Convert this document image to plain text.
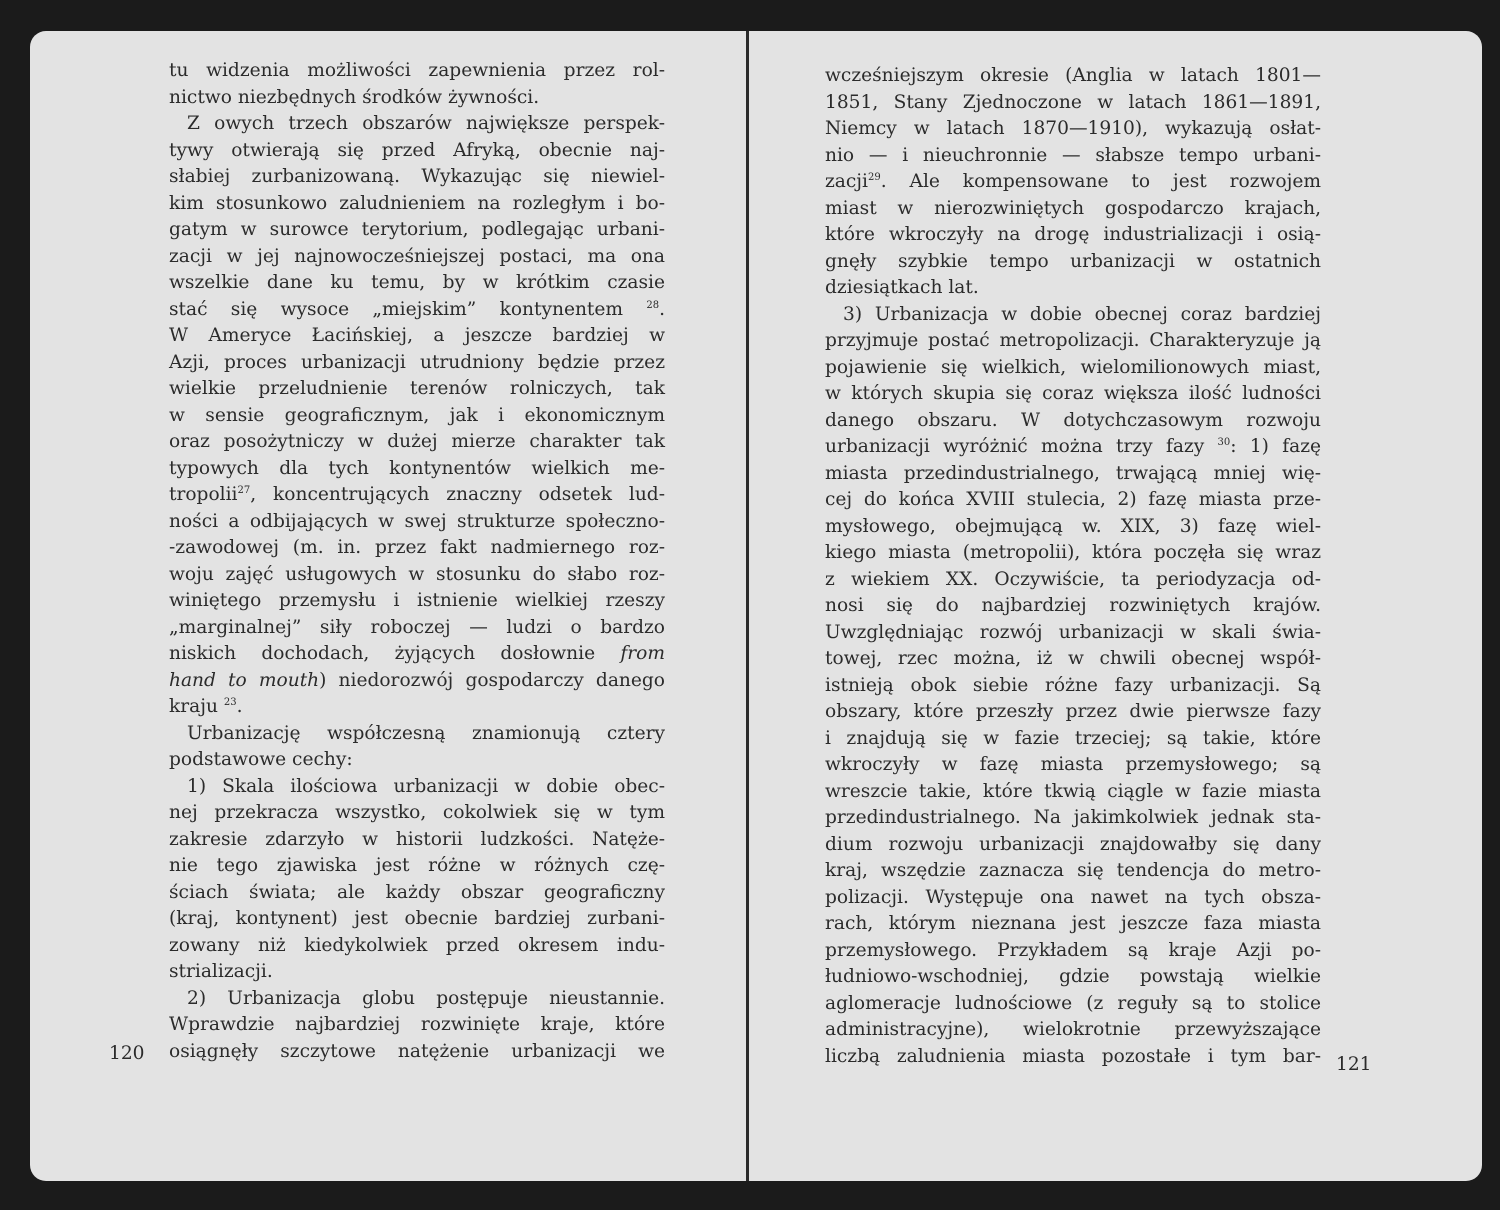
tu widzenia możliwości zapewnienia przez rol-
nictwo niezbędnych środków żywności.
Z owych trzech obszarów największe perspek-
tywy otwierają się przed Afryką, obecnie naj-
słabiej zurbanizowaną. Wykazując się niewiel-
kim stosunkowo zaludnieniem na rozległym i bo-
gatym w surowce terytorium, podlegając urbani-
zacji w jej najnowocześniejszej postaci, ma ona
wszelkie dane ku temu, by w krótkim czasie
stać się wysoce „miejskim” kontynentem $^{28}$.
W Ameryce Łacińskiej, a jeszcze bardziej w
Azji, proces urbanizacji utrudniony będzie przez
wielkie przeludnienie terenów rolniczych, tak
w sensie geograficznym, jak i ekonomicznym
oraz posożytniczy w dużej mierze charakter tak
typowych dla tych kontynentów wielkich me-
tropolii$^{27}$, koncentrujących znaczny odsetek lud-
ności a odbijających w swej strukturze społeczno-
-zawodowej (m. in. przez fakt nadmiernego roz-
woju zajęć usługowych w stosunku do słabo roz-
winiętego przemysłu i istnienie wielkiej rzeszy
„marginalnej” siły roboczej — ludzi o bardzo
niskich dochodach, żyjących dosłownie from
hand to mouth) niedorozwój gospodarczy danego
kraju $^{23}$.
Urbanizację współczesną znamionują cztery
podstawowe cechy:
1) Skala ilościowa urbanizacji w dobie obec-
nej przekracza wszystko, cokolwiek się w tym
zakresie zdarzyło w historii ludzkości. Natęże-
nie tego zjawiska jest różne w różnych czę-
ściach świata; ale każdy obszar geograficzny
(kraj, kontynent) jest obecnie bardziej zurbani-
zowany niż kiedykolwiek przed okresem indu-
strializacji.
2) Urbanizacja globu postępuje nieustannie.
Wprawdzie najbardziej rozwinięte kraje, które
osiągnęły szczytowe natężenie urbanizacji we
120
wcześniejszym okresie (Anglia w latach 1801—
1851, Stany Zjednoczone w latach 1861—1891,
Niemcy w latach 1870—1910), wykazują osłat-
nio — i nieuchronnie — słabsze tempo urbani-
zacji$^{29}$. Ale kompensowane to jest rozwojem
miast w nierozwiniętych gospodarczo krajach,
które wkroczyły na drogę industrializacji i osią-
gnęły szybkie tempo urbanizacji w ostatnich
dziesiątkach lat.
3) Urbanizacja w dobie obecnej coraz bardziej
przyjmuje postać metropolizacji. Charakteryzuje ją
pojawienie się wielkich, wielomilionowych miast,
w których skupia się coraz większa ilość ludności
danego obszaru. W dotychczasowym rozwoju
urbanizacji wyróżnić można trzy fazy $^{30}$: 1) fazę
miasta przedindustrialnego, trwającą mniej wię-
cej do końca XVIII stulecia, 2) fazę miasta prze-
mysłowego, obejmującą w. XIX, 3) fazę wiel-
kiego miasta (metropolii), która poczęła się wraz
z wiekiem XX. Oczywiście, ta periodyzacja od-
nosi się do najbardziej rozwiniętych krajów.
Uwzględniając rozwój urbanizacji w skali świa-
towej, rzec można, iż w chwili obecnej współ-
istnieją obok siebie różne fazy urbanizacji. Są
obszary, które przeszły przez dwie pierwsze fazy
i znajdują się w fazie trzeciej; są takie, które
wkroczyły w fazę miasta przemysłowego; są
wreszcie takie, które tkwią ciągle w fazie miasta
przedindustrialnego. Na jakimkolwiek jednak sta-
dium rozwoju urbanizacji znajdowałby się dany
kraj, wszędzie zaznacza się tendencja do metro-
polizacji. Występuje ona nawet na tych obsza-
rach, którym nieznana jest jeszcze faza miasta
przemysłowego. Przykładem są kraje Azji po-
łudniowo-wschodniej, gdzie powstają wielkie
aglomeracje ludnościowe (z reguły są to stolice
administracyjne), wielokrotnie przewyższające
liczbą zaludnienia miasta pozostałe i tym bar- 121
